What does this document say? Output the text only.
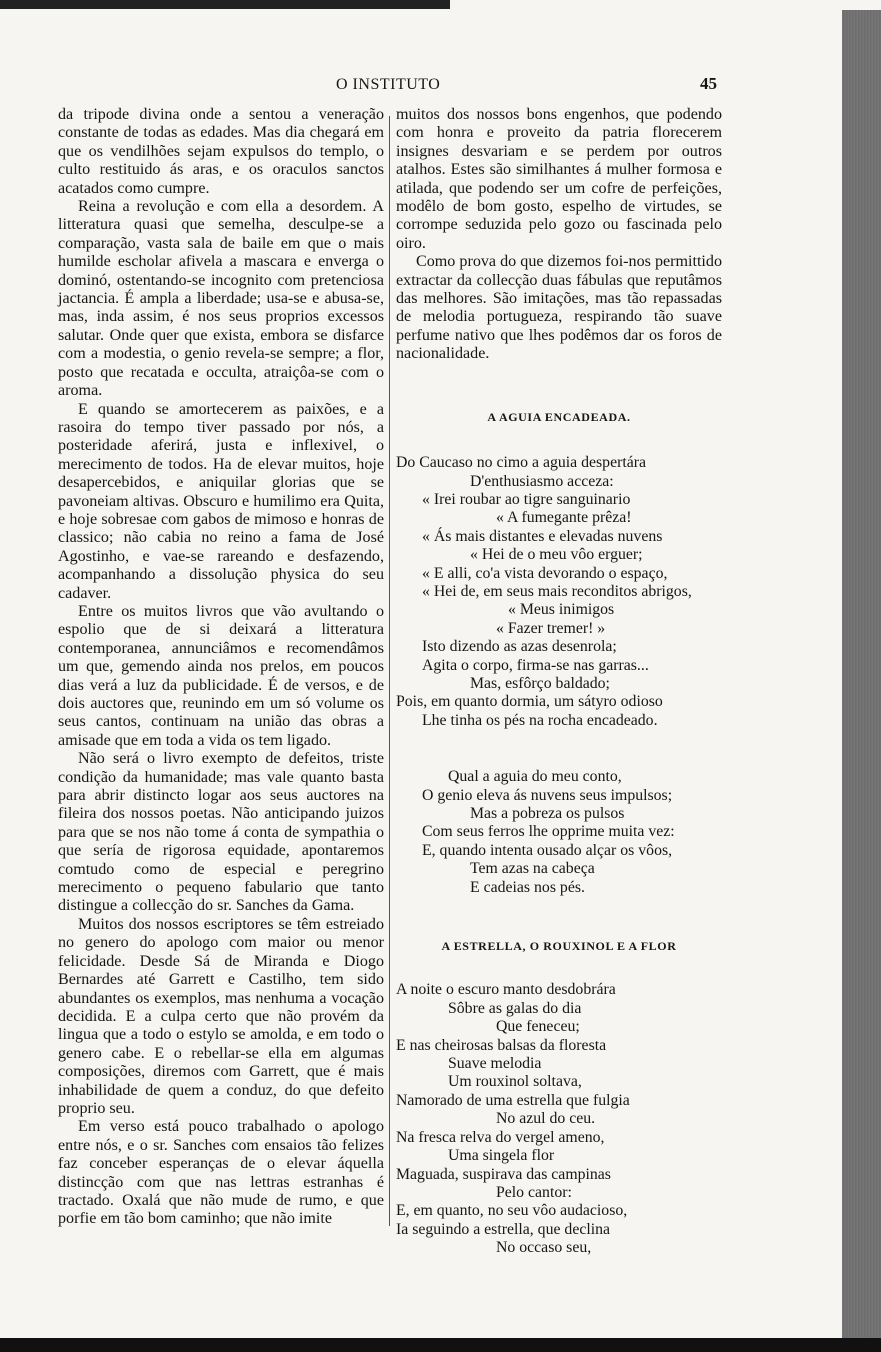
O INSTITUTO	45

da tripode divina onde a sentou a veneração constante de todas as edades. Mas dia chegará em que os vendilhões sejam expulsos do templo, o culto restituido ás aras, e os oraculos sanctos acatados como cumpre.

Reina a revolução e com ella a desordem. A litteratura quasi que semelha, desculpe-se a comparação, vasta sala de baile em que o mais humilde escholar afivela a mascara e enverga o dominó, ostentando-se incognito com pretenciosa jactancia. É ampla a liberdade; usa-se e abusa-se, mas, inda assim, é nos seus proprios excessos salutar. Onde quer que exista, embora se disfarce com a modestia, o genio revela-se sempre; a flor, posto que recatada e occulta, atraiçôa-se com o aroma.

E quando se amortecerem as paixões, e a rasoira do tempo tiver passado por nós, a posteridade aferirá, justa e inflexivel, o merecimento de todos. Ha de elevar muitos, hoje desapercebidos, e aniquilar glorias que se pavoneiam altivas. Obscuro e humilimo era Quita, e hoje sobresae com gabos de mimoso e honras de classico; não cabia no reino a fama de José Agostinho, e vae-se rareando e desfazendo, acompanhando a dissolução physica do seu cadaver.

Entre os muitos livros que vão avultando o espolio que de si deixará a litteratura contemporanea, annunciâmos e recomendâmos um que, gemendo ainda nos prelos, em poucos dias verá a luz da publicidade. É de versos, e de dois auctores que, reunindo em um só volume os seus cantos, continuam na união das obras a amisade que em toda a vida os tem ligado.

Não será o livro exempto de defeitos, triste condição da humanidade; mas vale quanto basta para abrir distincto logar aos seus auctores na fileira dos nossos poetas. Não anticipando juizos para que se nos não tome á conta de sympathia o que sería de rigorosa equidade, apontaremos comtudo como de especial e peregrino merecimento o pequeno fabulario que tanto distingue a collecção do sr. Sanches da Gama.

Muitos dos nossos escriptores se têm estreiado no genero do apologo com maior ou menor felicidade. Desde Sá de Miranda e Diogo Bernardes até Garrett e Castilho, tem sido abundantes os exemplos, mas nenhuma a vocação decidida. E a culpa certo que não provém da lingua que a todo o estylo se amolda, e em todo o genero cabe. E o rebellar-se ella em algumas composições, diremos com Garrett, que é mais inhabilidade de quem a conduz, do que defeito proprio seu.

Em verso está pouco trabalhado o apologo entre nós, e o sr. Sanches com ensaios tão felizes faz conceber esperanças de o elevar áquella distincção com que nas lettras estranhas é tractado. Oxalá que não mude de rumo, e que porfie em tão bom caminho; que não imite

muitos dos nossos bons engenhos, que podendo com honra e proveito da patria florecerem insignes desvariam e se perdem por outros atalhos. Estes são similhantes á mulher formosa e atilada, que podendo ser um cofre de perfeições, modêlo de bom gosto, espelho de virtudes, se corrompe seduzida pelo gozo ou fascinada pelo oiro.

Como prova do que dizemos foi-nos permittido extractar da collecção duas fábulas que reputâmos das melhores. São imitações, mas tão repassadas de melodia portugueza, respirando tão suave perfume nativo que lhes podêmos dar os foros de nacionalidade.

A AGUIA ENCADEADA.
Do Caucaso no cimo a aguia despertára
D'enthusiasmo acceza:
« Irei roubar ao tigre sanguinario
« A fumegante prêza!
« Ás mais distantes e elevadas nuvens
« Hei de o meu vôo erguer;
« E alli, co'a vista devorando o espaço,
« Hei de, em seus mais reconditos abrigos,
« Meus inimigos
« Fazer tremer! »
Isto dizendo as azas desenrola;
Agita o corpo, firma-se nas garras...
Mas, esfôrço baldado;
Pois, em quanto dormia, um sátyro odioso
Lhe tinha os pés na rocha encadeado.
Qual a aguia do meu conto,
O genio eleva ás nuvens seus impulsos;
Mas a pobreza os pulsos
Com seus ferros lhe opprime muita vez:
E, quando intenta ousado alçar os vôos,
Tem azas na cabeça
E cadeias nos pés.
A ESTRELLA, O ROUXINOL E A FLOR
A noite o escuro manto desdobrára
Sôbre as galas do dia
Que feneceu;
E nas cheirosas balsas da floresta
Suave melodia
Um rouxinol soltava,
Namorado de uma estrella que fulgia
No azul do ceu.
Na fresca relva do vergel ameno,
Uma singela flor
Maguada, suspirava das campinas
Pelo cantor:
E, em quanto, no seu vôo audacioso,
Ia seguindo a estrella, que declina
No occaso seu,
